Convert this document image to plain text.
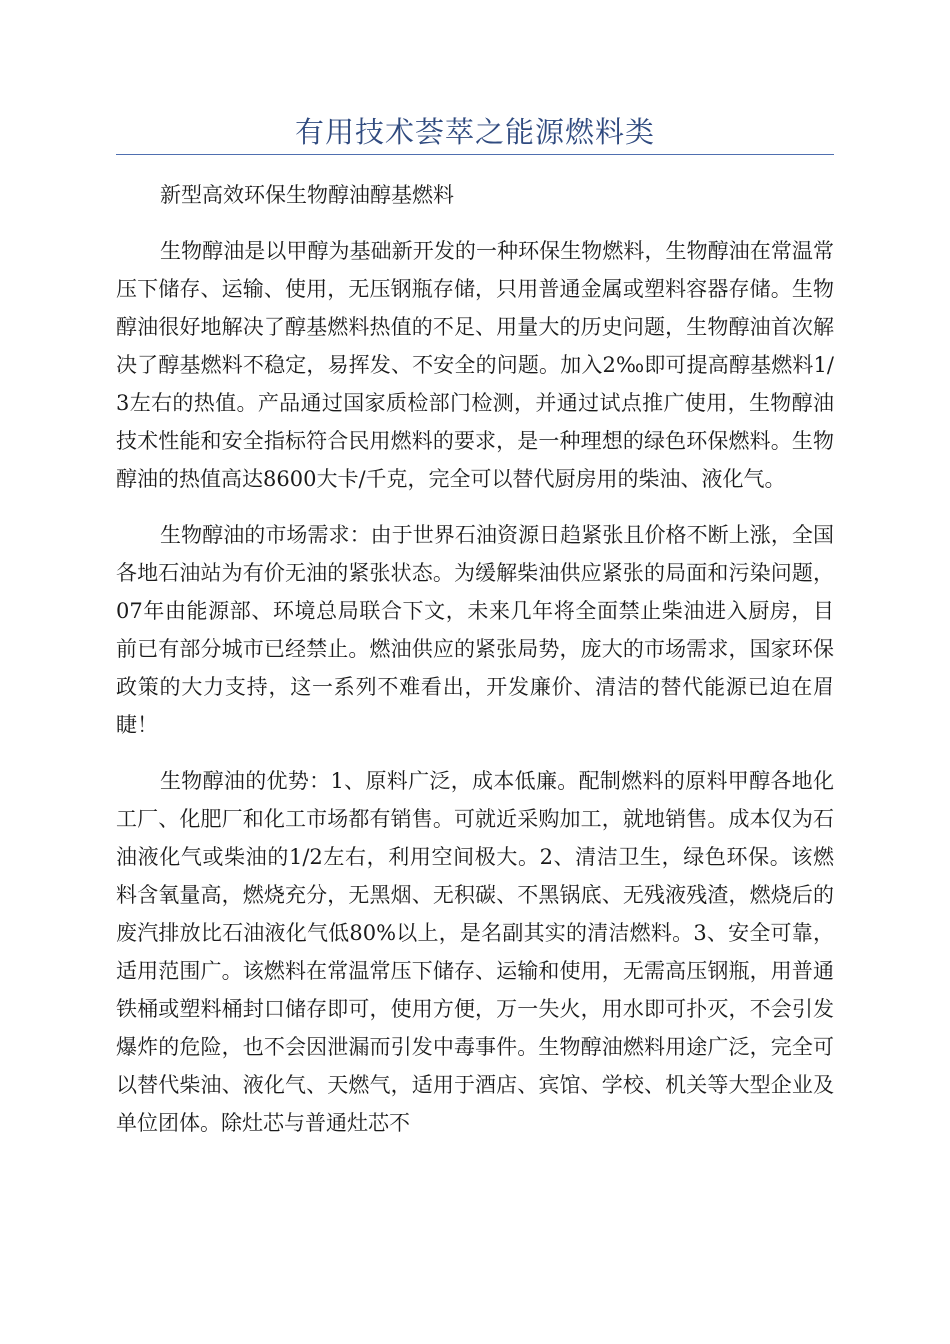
有用技术荟萃之能源燃料类

新型高效环保生物醇油醇基燃料

生物醇油是以甲醇为基础新开发的一种环保生物燃料，生物醇油在常温常压下储存、运输、使用，无压钢瓶存储，只用普通金属或塑料容器存储。生物醇油很好地解决了醇基燃料热值的不足、用量大的历史问题，生物醇油首次解决了醇基燃料不稳定，易挥发、不安全的问题。加入2‰即可提高醇基燃料1/3左右的热值。产品通过国家质检部门检测，并通过试点推广使用，生物醇油技术性能和安全指标符合民用燃料的要求，是一种理想的绿色环保燃料。生物醇油的热值高达8600大卡/千克，完全可以替代厨房用的柴油、液化气。

生物醇油的市场需求：由于世界石油资源日趋紧张且价格不断上涨，全国各地石油站为有价无油的紧张状态。为缓解柴油供应紧张的局面和污染问题，07年由能源部、环境总局联合下文，未来几年将全面禁止柴油进入厨房，目前已有部分城市已经禁止。燃油供应的紧张局势，庞大的市场需求，国家环保政策的大力支持，这一系列不难看出，开发廉价、清洁的替代能源已迫在眉睫！

生物醇油的优势：1、原料广泛，成本低廉。配制燃料的原料甲醇各地化工厂、化肥厂和化工市场都有销售。可就近采购加工，就地销售。成本仅为石油液化气或柴油的1/2左右，利用空间极大。2、清洁卫生，绿色环保。该燃料含氧量高，燃烧充分，无黑烟、无积碳、不黑锅底、无残液残渣，燃烧后的废汽排放比石油液化气低80%以上，是名副其实的清洁燃料。3、安全可靠，适用范围广。该燃料在常温常压下储存、运输和使用，无需高压钢瓶，用普通铁桶或塑料桶封口储存即可，使用方便，万一失火，用水即可扑灭，不会引发爆炸的危险，也不会因泄漏而引发中毒事件。生物醇油燃料用途广泛，完全可以替代柴油、液化气、天燃气，适用于酒店、宾馆、学校、机关等大型企业及单位团体。除灶芯与普通灶芯不
